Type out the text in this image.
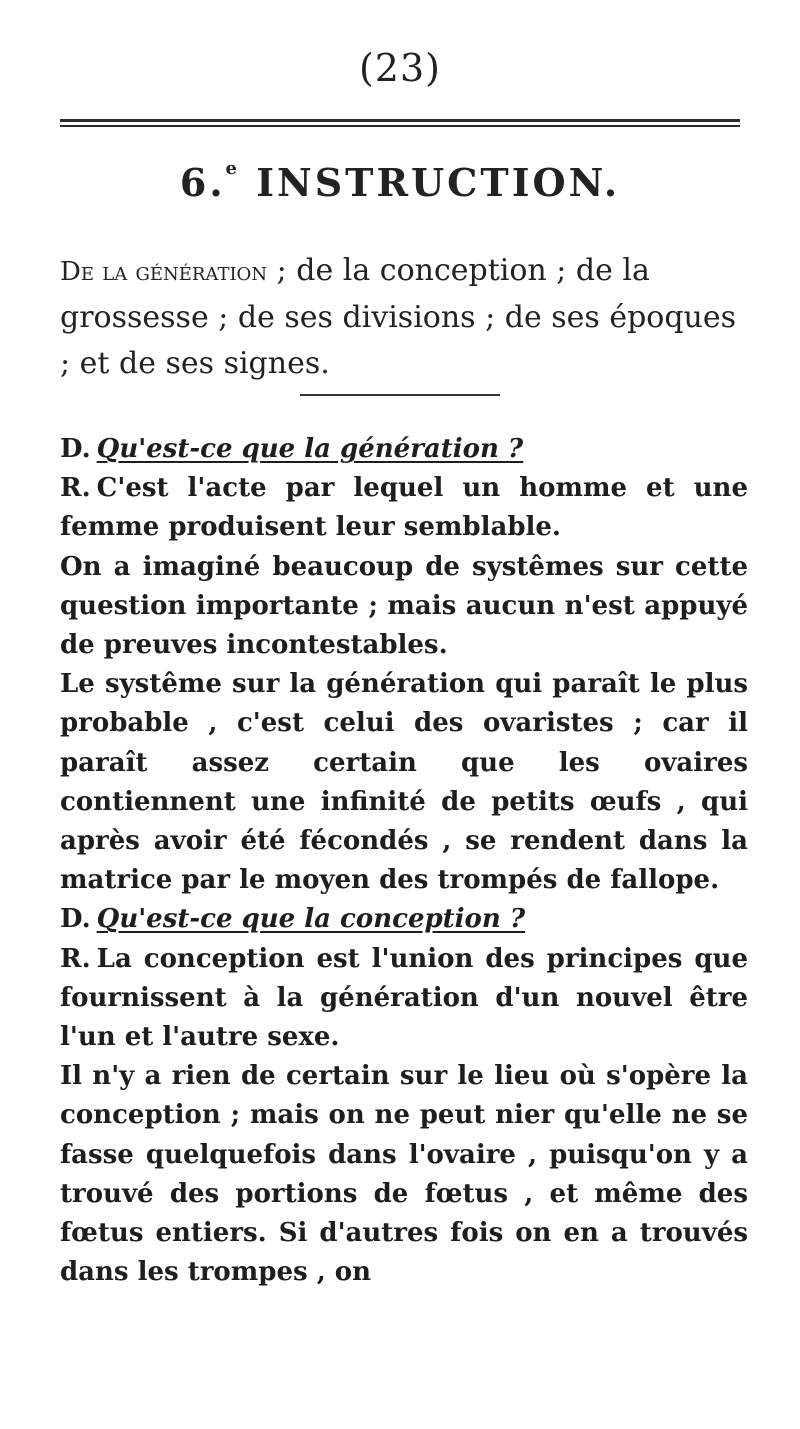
(23)
6.$^e$ INSTRUCTION.
De la génération ; de la conception ; de la grossesse ; de ses divisions ; de ses époques ; et de ses signes.

D. Qu'est-ce que la génération ?

R. C'est l'acte par lequel un homme et une femme produisent leur semblable.

On a imaginé beaucoup de systêmes sur cette question importante ; mais aucun n'est appuyé de preuves incontestables.

Le systême sur la génération qui paraît le plus probable , c'est celui des ovaristes ; car il paraît assez certain que les ovaires contiennent une infinité de petits œufs , qui après avoir été fécondés , se rendent dans la matrice par le moyen des trompés de fallope.

D. Qu'est-ce que la conception ?

R. La conception est l'union des principes que fournissent à la génération d'un nouvel être l'un et l'autre sexe.

Il n'y a rien de certain sur le lieu où s'opère la conception ; mais on ne peut nier qu'elle ne se fasse quelquefois dans l'ovaire , puisqu'on y a trouvé des portions de fœtus , et même des fœtus entiers. Si d'autres fois on en a trouvés dans les trompes , on
